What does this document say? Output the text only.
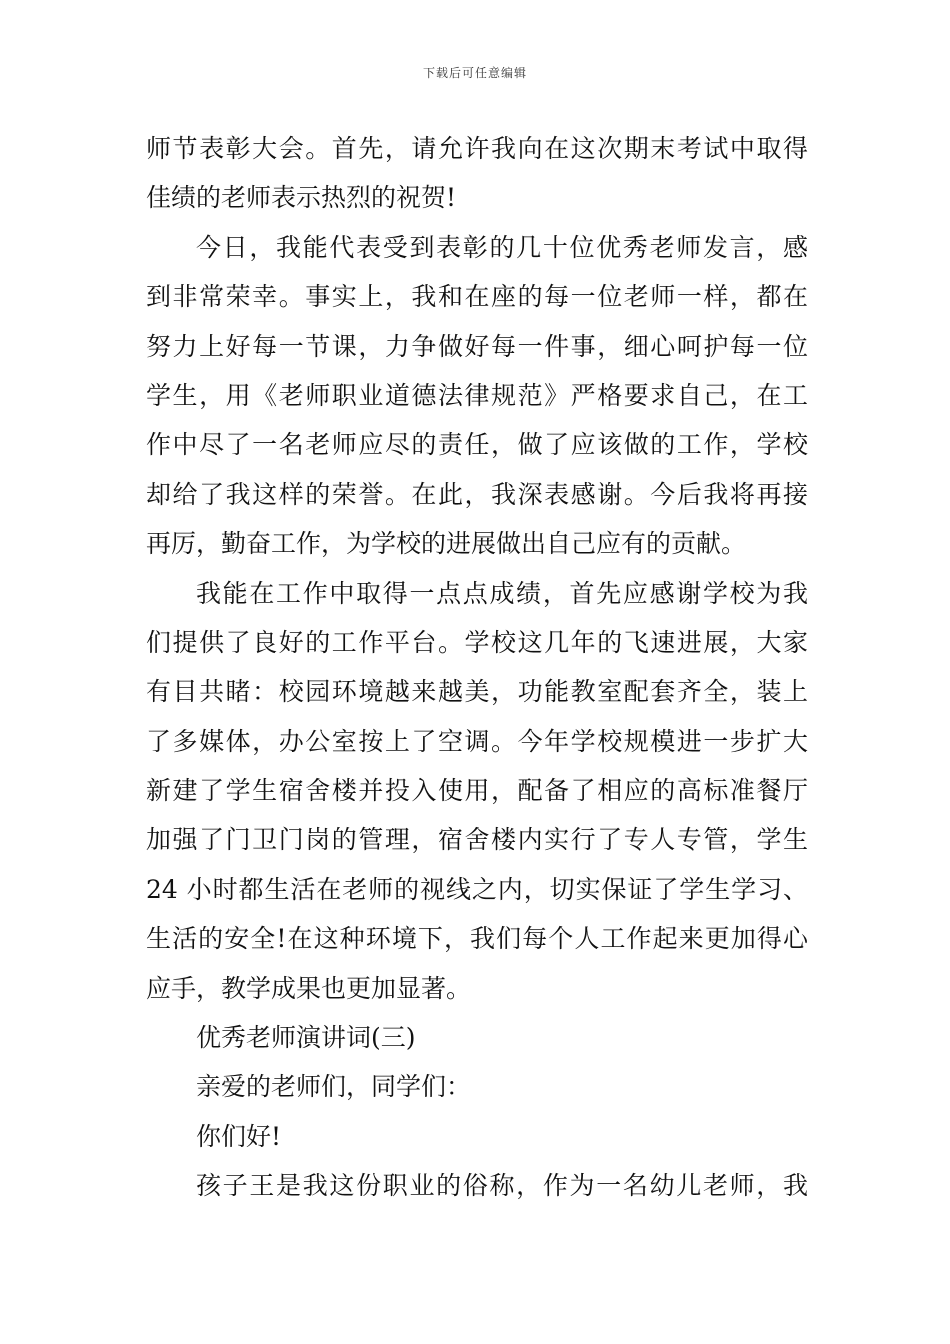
下载后可任意编辑
师节表彰大会。首先，请允许我向在这次期末考试中取得
佳绩的老师表示热烈的祝贺!
今日，我能代表受到表彰的几十位优秀老师发言，感
到非常荣幸。事实上，我和在座的每一位老师一样，都在
努力上好每一节课，力争做好每一件事，细心呵护每一位
学生，用《老师职业道德法律规范》严格要求自己，在工
作中尽了一名老师应尽的责任，做了应该做的工作，学校
却给了我这样的荣誉。在此，我深表感谢。今后我将再接
再厉，勤奋工作，为学校的进展做出自己应有的贡献。
我能在工作中取得一点点成绩，首先应感谢学校为我
们提供了良好的工作平台。学校这几年的飞速进展，大家
有目共睹：校园环境越来越美，功能教室配套齐全，装上
了多媒体，办公室按上了空调。今年学校规模进一步扩大
新建了学生宿舍楼并投入使用，配备了相应的高标准餐厅
加强了门卫门岗的管理，宿舍楼内实行了专人专管，学生
24 小时都生活在老师的视线之内，切实保证了学生学习、
生活的安全!在这种环境下，我们每个人工作起来更加得心
应手，教学成果也更加显著。
优秀老师演讲词(三)
亲爱的老师们，同学们：
你们好!
孩子王是我这份职业的俗称，作为一名幼儿老师，我
